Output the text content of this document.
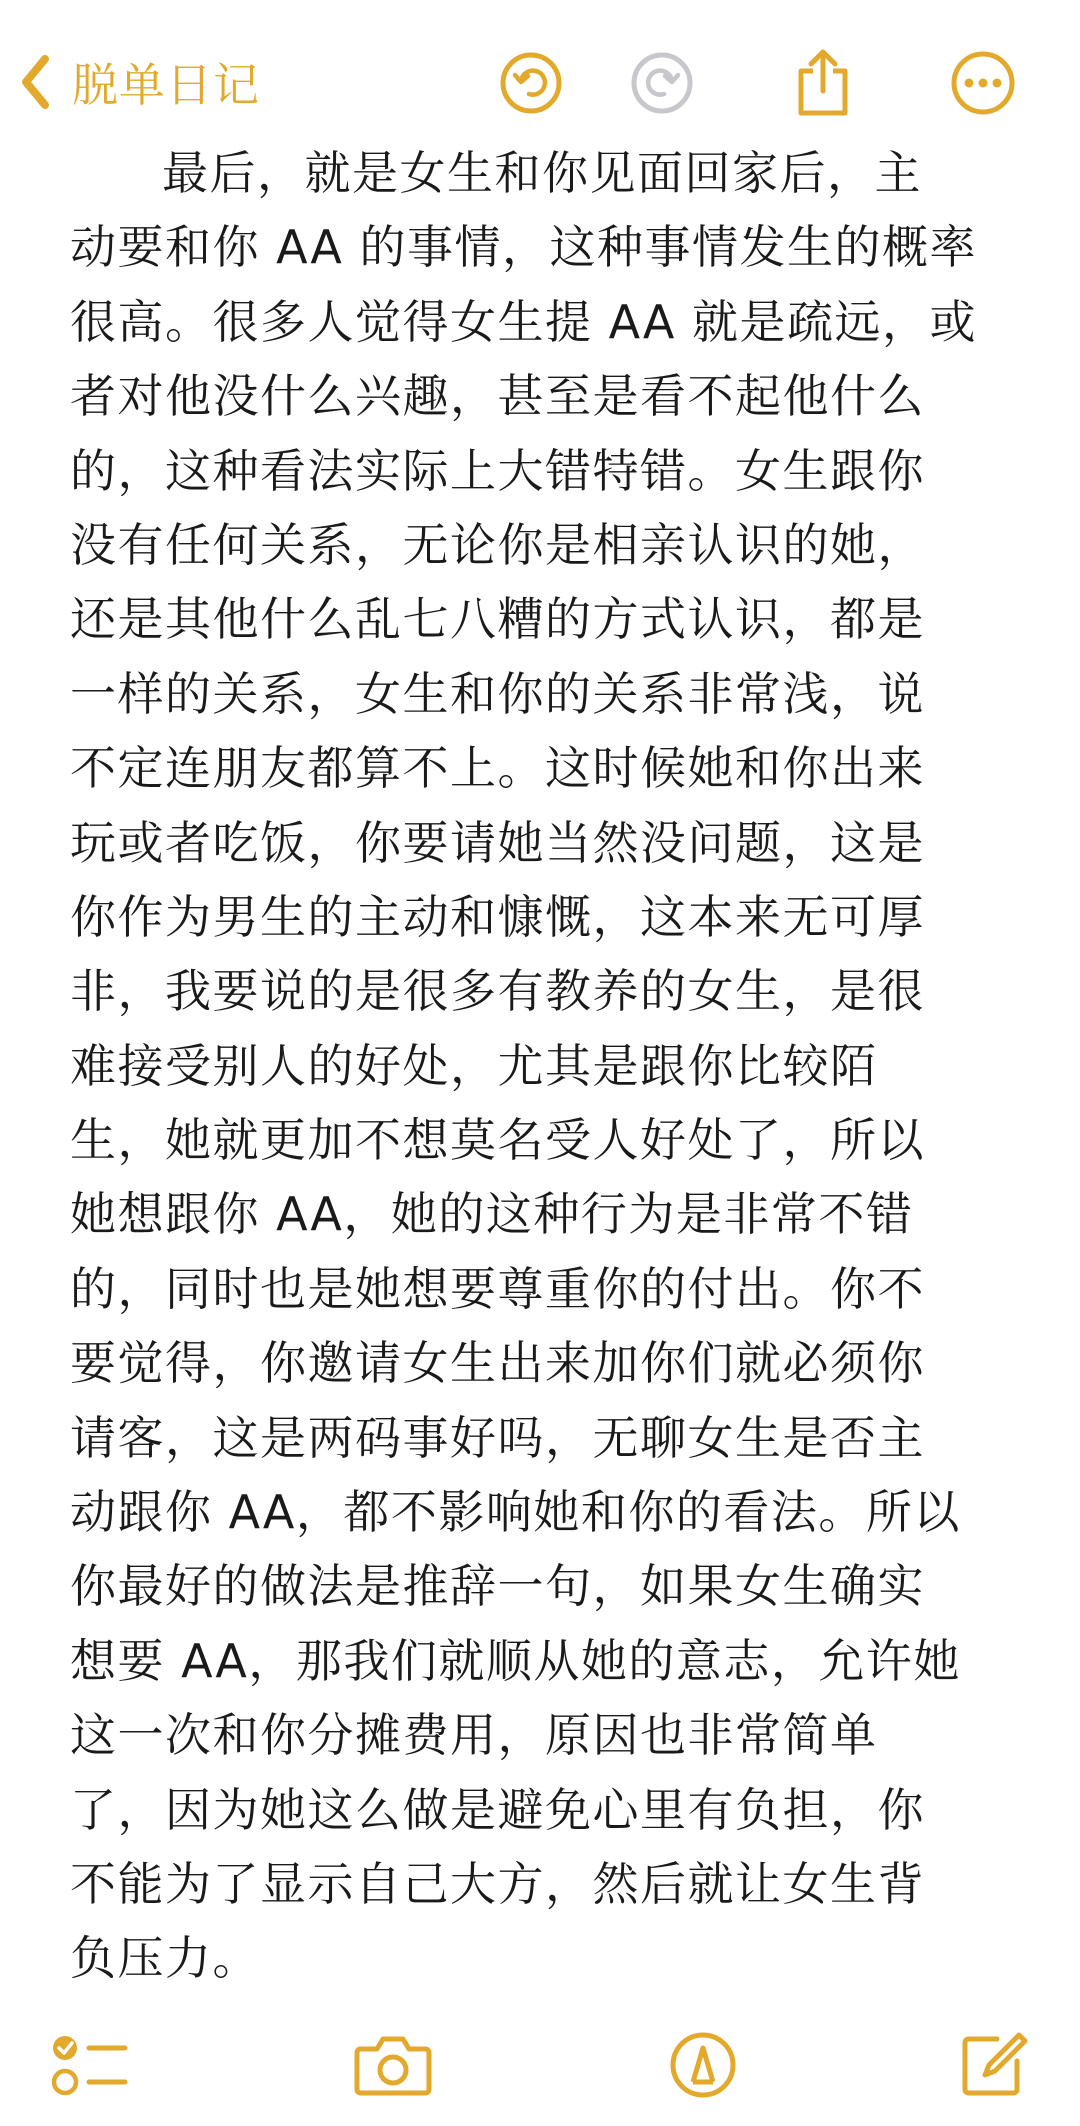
脱单日记
最后，就是女生和你见面回家后，主
动要和你 AA 的事情，这种事情发生的概率
很高。很多人觉得女生提 AA 就是疏远，或
者对他没什么兴趣，甚至是看不起他什么
的，这种看法实际上大错特错。女生跟你
没有任何关系，无论你是相亲认识的她，
还是其他什么乱七八糟的方式认识，都是
一样的关系，女生和你的关系非常浅，说
不定连朋友都算不上。这时候她和你出来
玩或者吃饭，你要请她当然没问题，这是
你作为男生的主动和慷慨，这本来无可厚
非，我要说的是很多有教养的女生，是很
难接受别人的好处，尤其是跟你比较陌
生，她就更加不想莫名受人好处了，所以
她想跟你 AA，她的这种行为是非常不错
的，同时也是她想要尊重你的付出。你不
要觉得，你邀请女生出来加你们就必须你
请客，这是两码事好吗，无聊女生是否主
动跟你 AA，都不影响她和你的看法。所以
你最好的做法是推辞一句，如果女生确实
想要 AA，那我们就顺从她的意志，允许她
这一次和你分摊费用，原因也非常简单
了，因为她这么做是避免心里有负担，你
不能为了显示自己大方，然后就让女生背
负压力。
